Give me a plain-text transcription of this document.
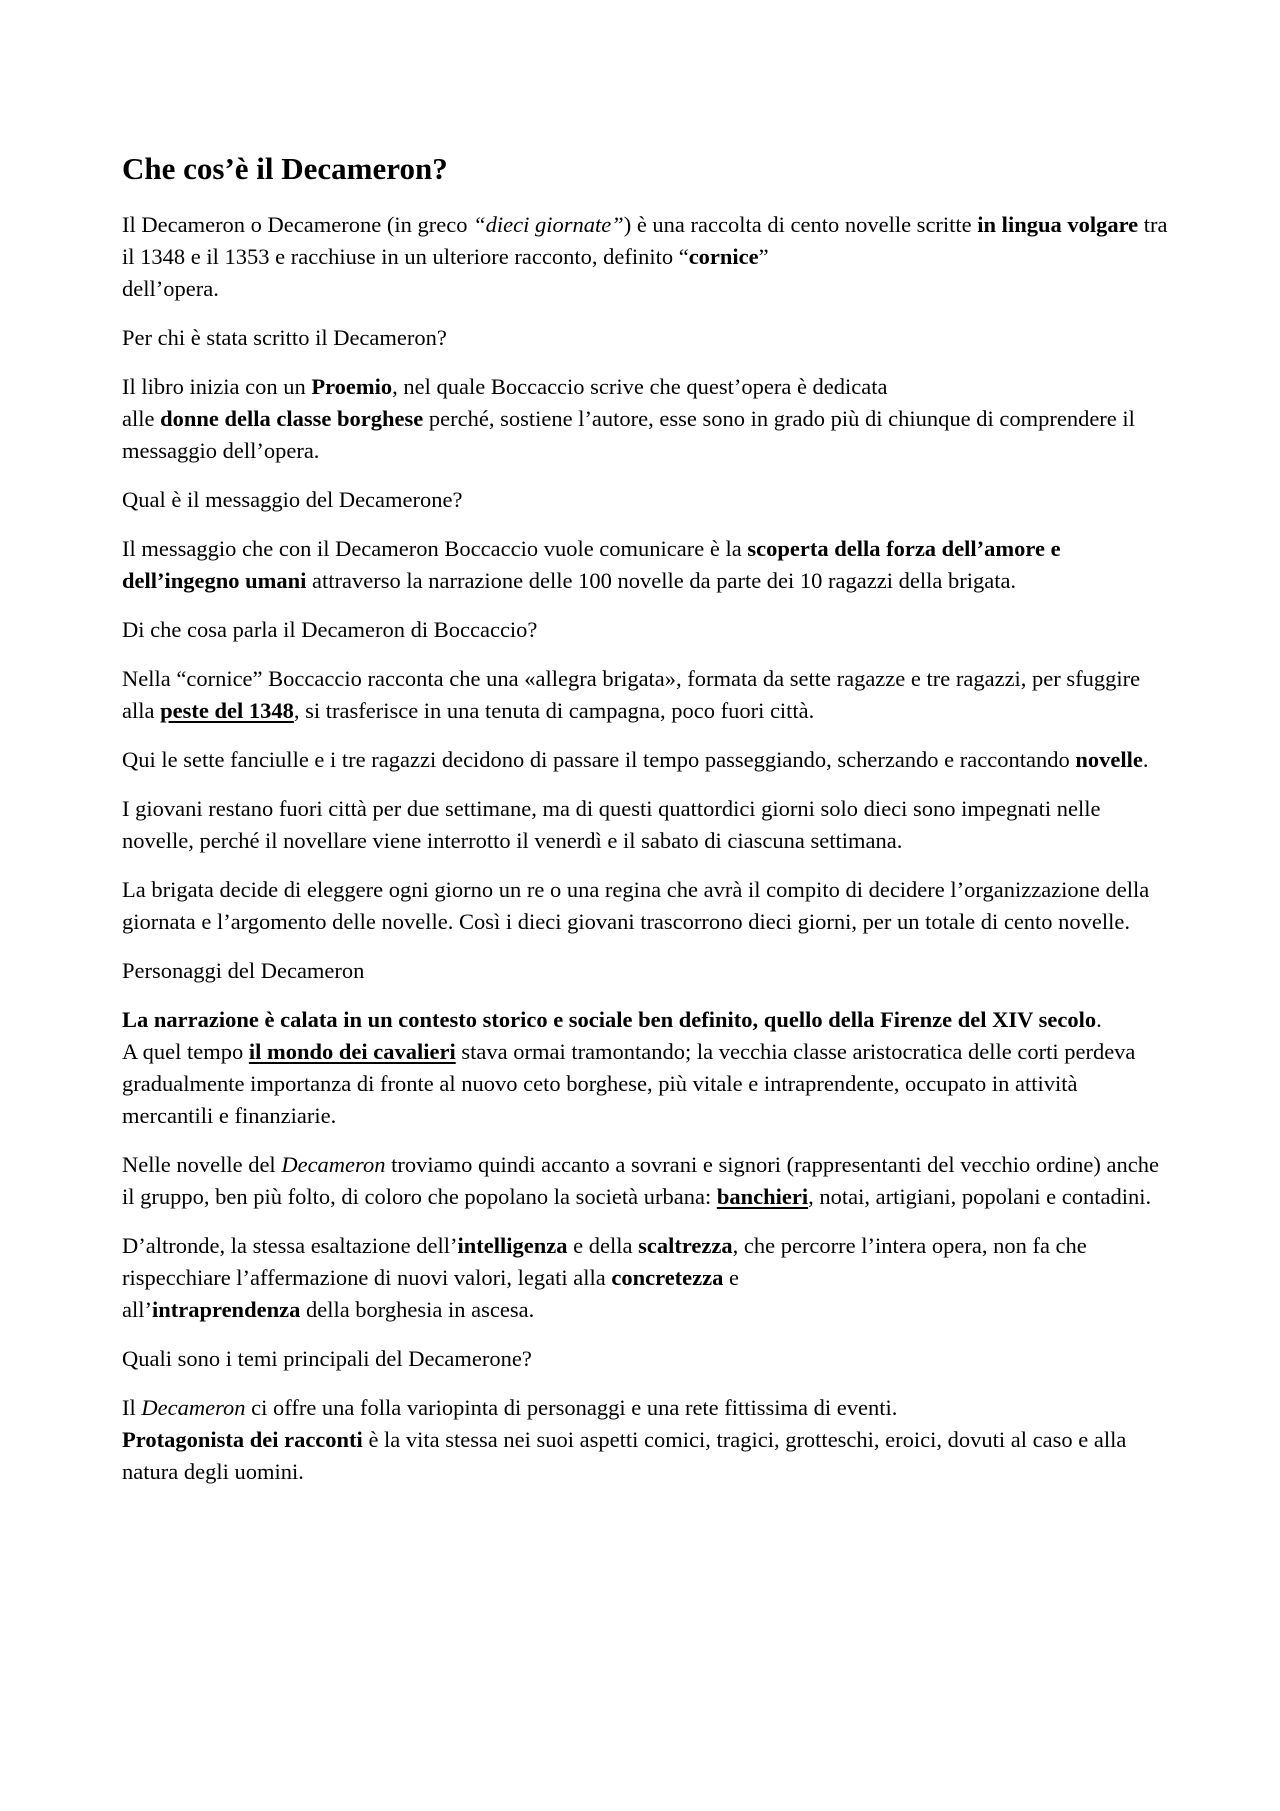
Che cos’è il Decameron?

Il Decameron o Decamerone (in greco “dieci giornate”) è una raccolta di cento novelle scritte in lingua volgare tra il 1348 e il 1353 e racchiuse in un ulteriore racconto, definito “cornice”
dell’opera.

Per chi è stata scritto il Decameron?

Il libro inizia con un Proemio, nel quale Boccaccio scrive che quest’opera è dedicata
alle donne della classe borghese perché, sostiene l’autore, esse sono in grado più di chiunque di comprendere il messaggio dell’opera.

Qual è il messaggio del Decamerone?

Il messaggio che con il Decameron Boccaccio vuole comunicare è la scoperta della forza dell’amore e dell’ingegno umani attraverso la narrazione delle 100 novelle da parte dei 10 ragazzi della brigata.

Di che cosa parla il Decameron di Boccaccio?

Nella “cornice” Boccaccio racconta che una «allegra brigata», formata da sette ragazze e tre ragazzi, per sfuggire alla peste del 1348, si trasferisce in una tenuta di campagna, poco fuori città.

Qui le sette fanciulle e i tre ragazzi decidono di passare il tempo passeggiando, scherzando e raccontando novelle.

I giovani restano fuori città per due settimane, ma di questi quattordici giorni solo dieci sono impegnati nelle novelle, perché il novellare viene interrotto il venerdì e il sabato di ciascuna settimana.

La brigata decide di eleggere ogni giorno un re o una regina che avrà il compito di decidere l’organizzazione della giornata e l’argomento delle novelle. Così i dieci giovani trascorrono dieci giorni, per un totale di cento novelle.

Personaggi del Decameron

La narrazione è calata in un contesto storico e sociale ben definito, quello della Firenze del XIV secolo.
A quel tempo il mondo dei cavalieri stava ormai tramontando; la vecchia classe aristocratica delle corti perdeva gradualmente importanza di fronte al nuovo ceto borghese, più vitale e intraprendente, occupato in attività mercantili e finanziarie.

Nelle novelle del Decameron troviamo quindi accanto a sovrani e signori (rappresentanti del vecchio ordine) anche il gruppo, ben più folto, di coloro che popolano la società urbana: banchieri, notai, artigiani, popolani e contadini.

D’altronde, la stessa esaltazione dell’intelligenza e della scaltrezza, che percorre l’intera opera, non fa che rispecchiare l’affermazione di nuovi valori, legati alla concretezza e
all’intraprendenza della borghesia in ascesa.

Quali sono i temi principali del Decamerone?

Il Decameron ci offre una folla variopinta di personaggi e una rete fittissima di eventi.
Protagonista dei racconti è la vita stessa nei suoi aspetti comici, tragici, grotteschi, eroici, dovuti al caso e alla natura degli uomini.
